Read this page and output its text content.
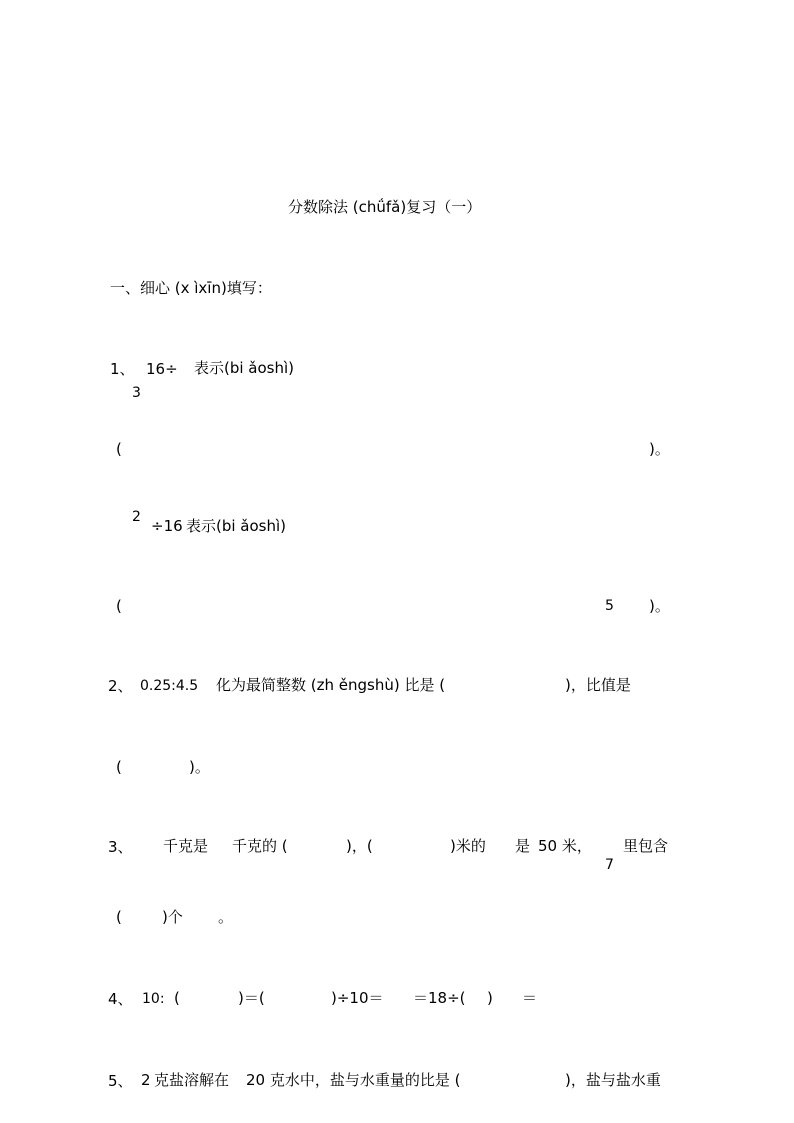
分数除法 (chǘfǎ)复习（一）
一、细心 (x ìxīn)填写：
1、 16÷ 表示(bi ǎoshì)
3
(	)。
2 ÷16 表示(bi ǎoshì)
(	5 )。
2、 0.25:4.5 化为最简整数 (zh ěngshù) 比是 (	)，比值是
(	)。
3、 千克是 千克的 (	)，(	)米的 是 50 米， 里包含
7
(	)个 。
4、 10: (	)＝(	)÷10＝ ＝18÷( ) ＝
5、 2 克盐溶解在 20 克水中，盐与水重量的比是 (	)，盐与盐水重
